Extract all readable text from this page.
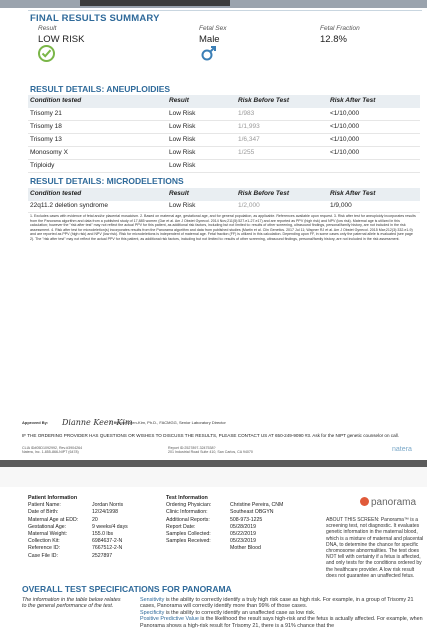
FINAL RESULTS SUMMARY
Result
LOW RISK
Fetal Sex
Male
Fetal Fraction
12.8%
RESULT DETAILS: ANEUPLOIDIES
Condition tested	Result	Risk Before Test	Risk After Test
Trisomy 21	Low Risk	1/983	<1/10,000
Trisomy 18	Low Risk	1/1,993	<1/10,000
Trisomy 13	Low Risk	1/6,347	<1/10,000
Monosomy X	Low Risk	1/255	<1/10,000
Triploidy	Low Risk
RESULT DETAILS: MICRODELETIONS
Condition tested	Result	Risk Before Test	Risk After Test
22q11.2 deletion syndrome	Low Risk	1/2,000	1/9,000
1. Excludes cases with evidence of fetal and/or placental mosaicism. 2. Based on maternal age, gestational age, and for general population, as applicable. References available upon request. 3. Risk after test for aneuploidy incorporates results from the Panorama algorithm and data from a published study of 17,885 women (Dar et al. Am J Obstet Gynecol. 2014 Nov;211(5):527.e1-27.e17) and are reported as PPV (high risk) and NPV (low risk). Maternal age is utilized in this calculation; however the "risk after test" may not reflect the actual PPV for this patient, as additional risk factors, including but not limited to: results of other screening, ultrasound findings, personal/family history, are not included in the risk assessment. 4. Risk after test for microdeletion(s) incorporates results from the Panorama algorithm and data from published studies (Martin et al. Clin Genetics. 2017 Jul 11; Wapner RJ et al. Am J Obstet Gynecol. 2015 Mar;212(3):332.e1-9) and are reported as PPV (high risk) and NPV (low risk). Risk for microdeletions is independent of maternal age. Fetal fraction (FF) is utilized in this calculation. Depending upon FF, in some cases only the paternal allele is evaluated (see page 2). The "risk after test" may not reflect the actual PPV for this patient, as additional risk factors, including but not limited to: results of other screening, ultrasound findings, personal/family history, are not included in the risk assessment.
Approved By:	J. Dianne Keen-Kim, Ph.D., FACMGG, Senior Laboratory Director
Dianne Keen-Kim
IF THE ORDERING PROVIDER HAS QUESTIONS OR WISHES TO DISCUSS THE RESULTS, PLEASE CONTACT US AT 650-249-9090 #3. Ask for the NIPT genetic counselor on call.
CLIA ID#05D1092992, Rev.#3904264
Natera, Inc. 1-855-866-NIPT (6478)
Report ID:2527897-3247538?
201 Industrial Road Suite 410, San Carlos, CA 94070	natera
Patient Information
Patient Name:	Jordan Norris
Date of Birth:	12/24/1998
Maternal Age at EDD:	20
Gestational Age:	9 weeks/4 days
Maternal Weight:	155.0 lbs
Collection Kit:	6984637-2-N
Reference ID:	7667512-2-N
Case File ID:	2527897
Test Information
Ordering Physician:	Christine Pereira, CNM
Clinic Information:	Southeast OBGYN
Additional Reports:	508-973-1225
Report Date:	05/28/2019
Samples Collected:	05/22/2019
Samples Received:	05/23/2019
Mother Blood
panorama
ABOUT THIS SCREEN: Panorama™ is a screening test, not diagnostic. It evaluates genetic information in the maternal blood, which is a mixture of maternal and placental DNA, to determine the chance for specific chromosome abnormalities. The test does NOT tell with certainty if a fetus is affected, and only tests for the conditions ordered by the healthcare provider. A low risk result does not guarantee an unaffected fetus.
OVERALL TEST SPECIFICATIONS FOR PANORAMA
The information in the table below relates to the general performance of the test.
Sensitivity is the ability to correctly identify a truly high risk case as high risk. For example, in a group of Trisomy 21 cases, Panorama will correctly identify more than 99% of those cases.
Specificity is the ability to correctly identify an unaffected case as low risk.
Positive Predictive Value is the likelihood the result says high-risk and the fetus is actually affected. For example, when Panorama shows a high-risk result for Trisomy 21, there is a 91% chance that the
